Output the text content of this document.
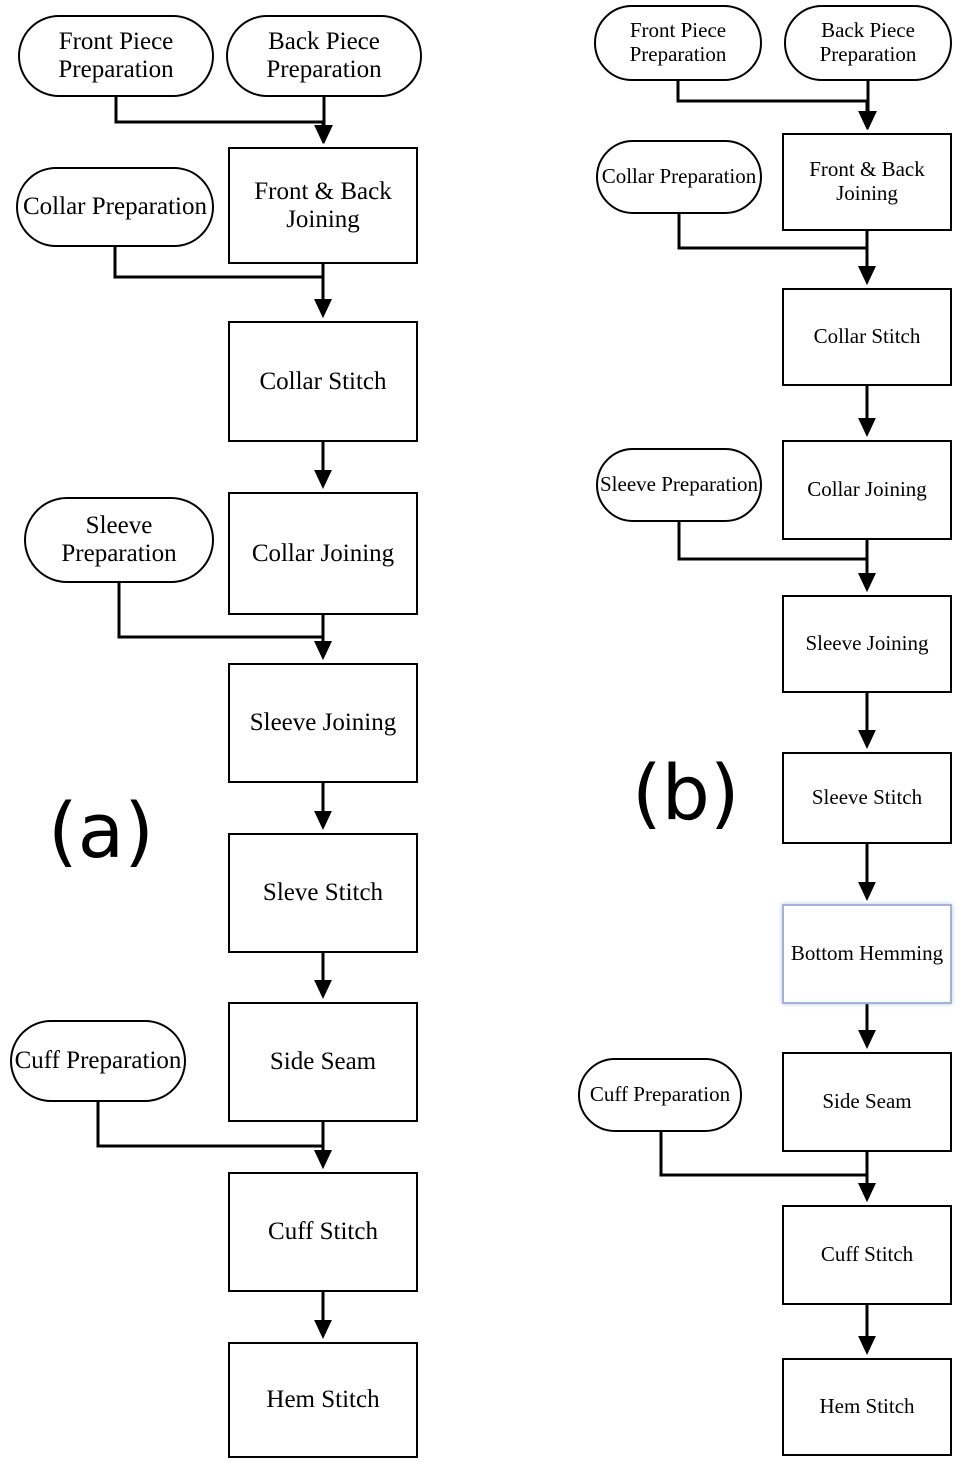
(a)
Front Piece Preparation
Back Piece Preparation
Collar Preparation
Front & Back Joining
Collar Stitch
Sleeve Preparation	Collar Joining
Sleeve Joining
Sleve Stitch
Cuff Preparation	Side Seam
Cuff Stitch
Hem Stitch
(b)
Front Piece Preparation
Back Piece Preparation
Collar Preparation	Front & Back Joining
Collar Stitch
Sleeve Preparation Collar Joining
Sleeve Joining
Sleeve Stitch
Bottom Hemming
Cuff Preparation	Side Seam
Cuff Stitch
Hem Stitch
